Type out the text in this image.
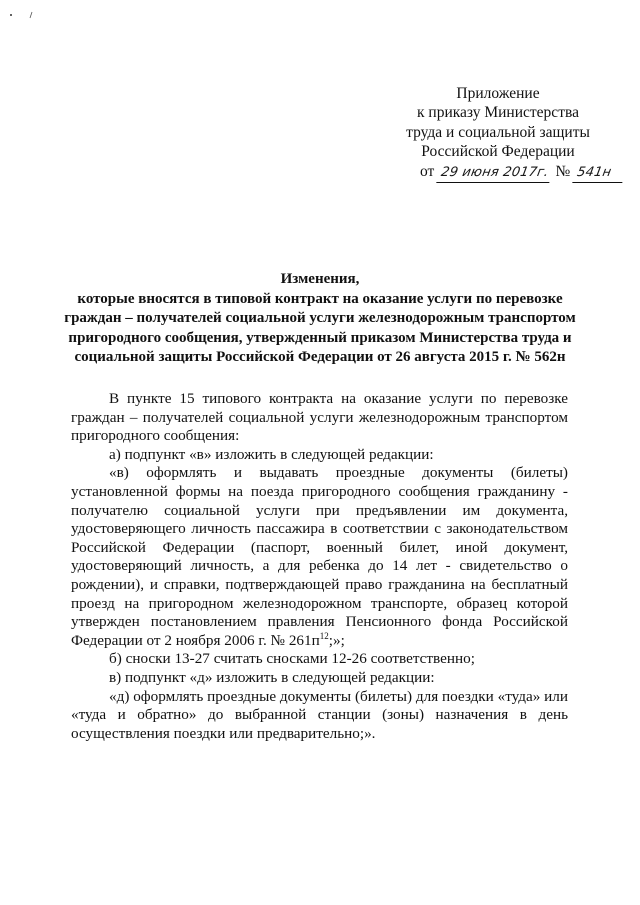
Приложение
к приказу Министерства
труда и социальной защиты
Российской Федерации
от 29 июня 2017г. № 541н
Изменения,
которые вносятся в типовой контракт на оказание услуги по перевозке
граждан – получателей социальной услуги железнодорожным транспортом
пригородного сообщения, утвержденный приказом Министерства труда и
социальной защиты Российской Федерации от 26 августа 2015 г. № 562н

В пункте 15 типового контракта на оказание услуги по перевозке граждан – получателей социальной услуги железнодорожным транспортом пригородного сообщения:

а) подпункт «в» изложить в следующей редакции:

«в) оформлять и выдавать проездные документы (билеты) установленной формы на поезда пригородного сообщения гражданину - получателю социальной услуги при предъявлении им документа, удостоверяющего личность пассажира в соответствии с законодательством Российской Федерации (паспорт, военный билет, иной документ, удостоверяющий личность, а для ребенка до 14 лет - свидетельство о рождении), и справки, подтверждающей право гражданина на бесплатный проезд на пригородном железнодорожном транспорте, образец которой утвержден постановлением правления Пенсионного фонда Российской Федерации от 2 ноября 2006 г. № $261п^{12}$;»;

б) сноски 13-27 считать сносками 12-26 соответственно;

в) подпункт «д» изложить в следующей редакции:

«д) оформлять проездные документы (билеты) для поездки «туда» или «туда и обратно» до выбранной станции (зоны) назначения в день осуществления поездки или предварительно;».
